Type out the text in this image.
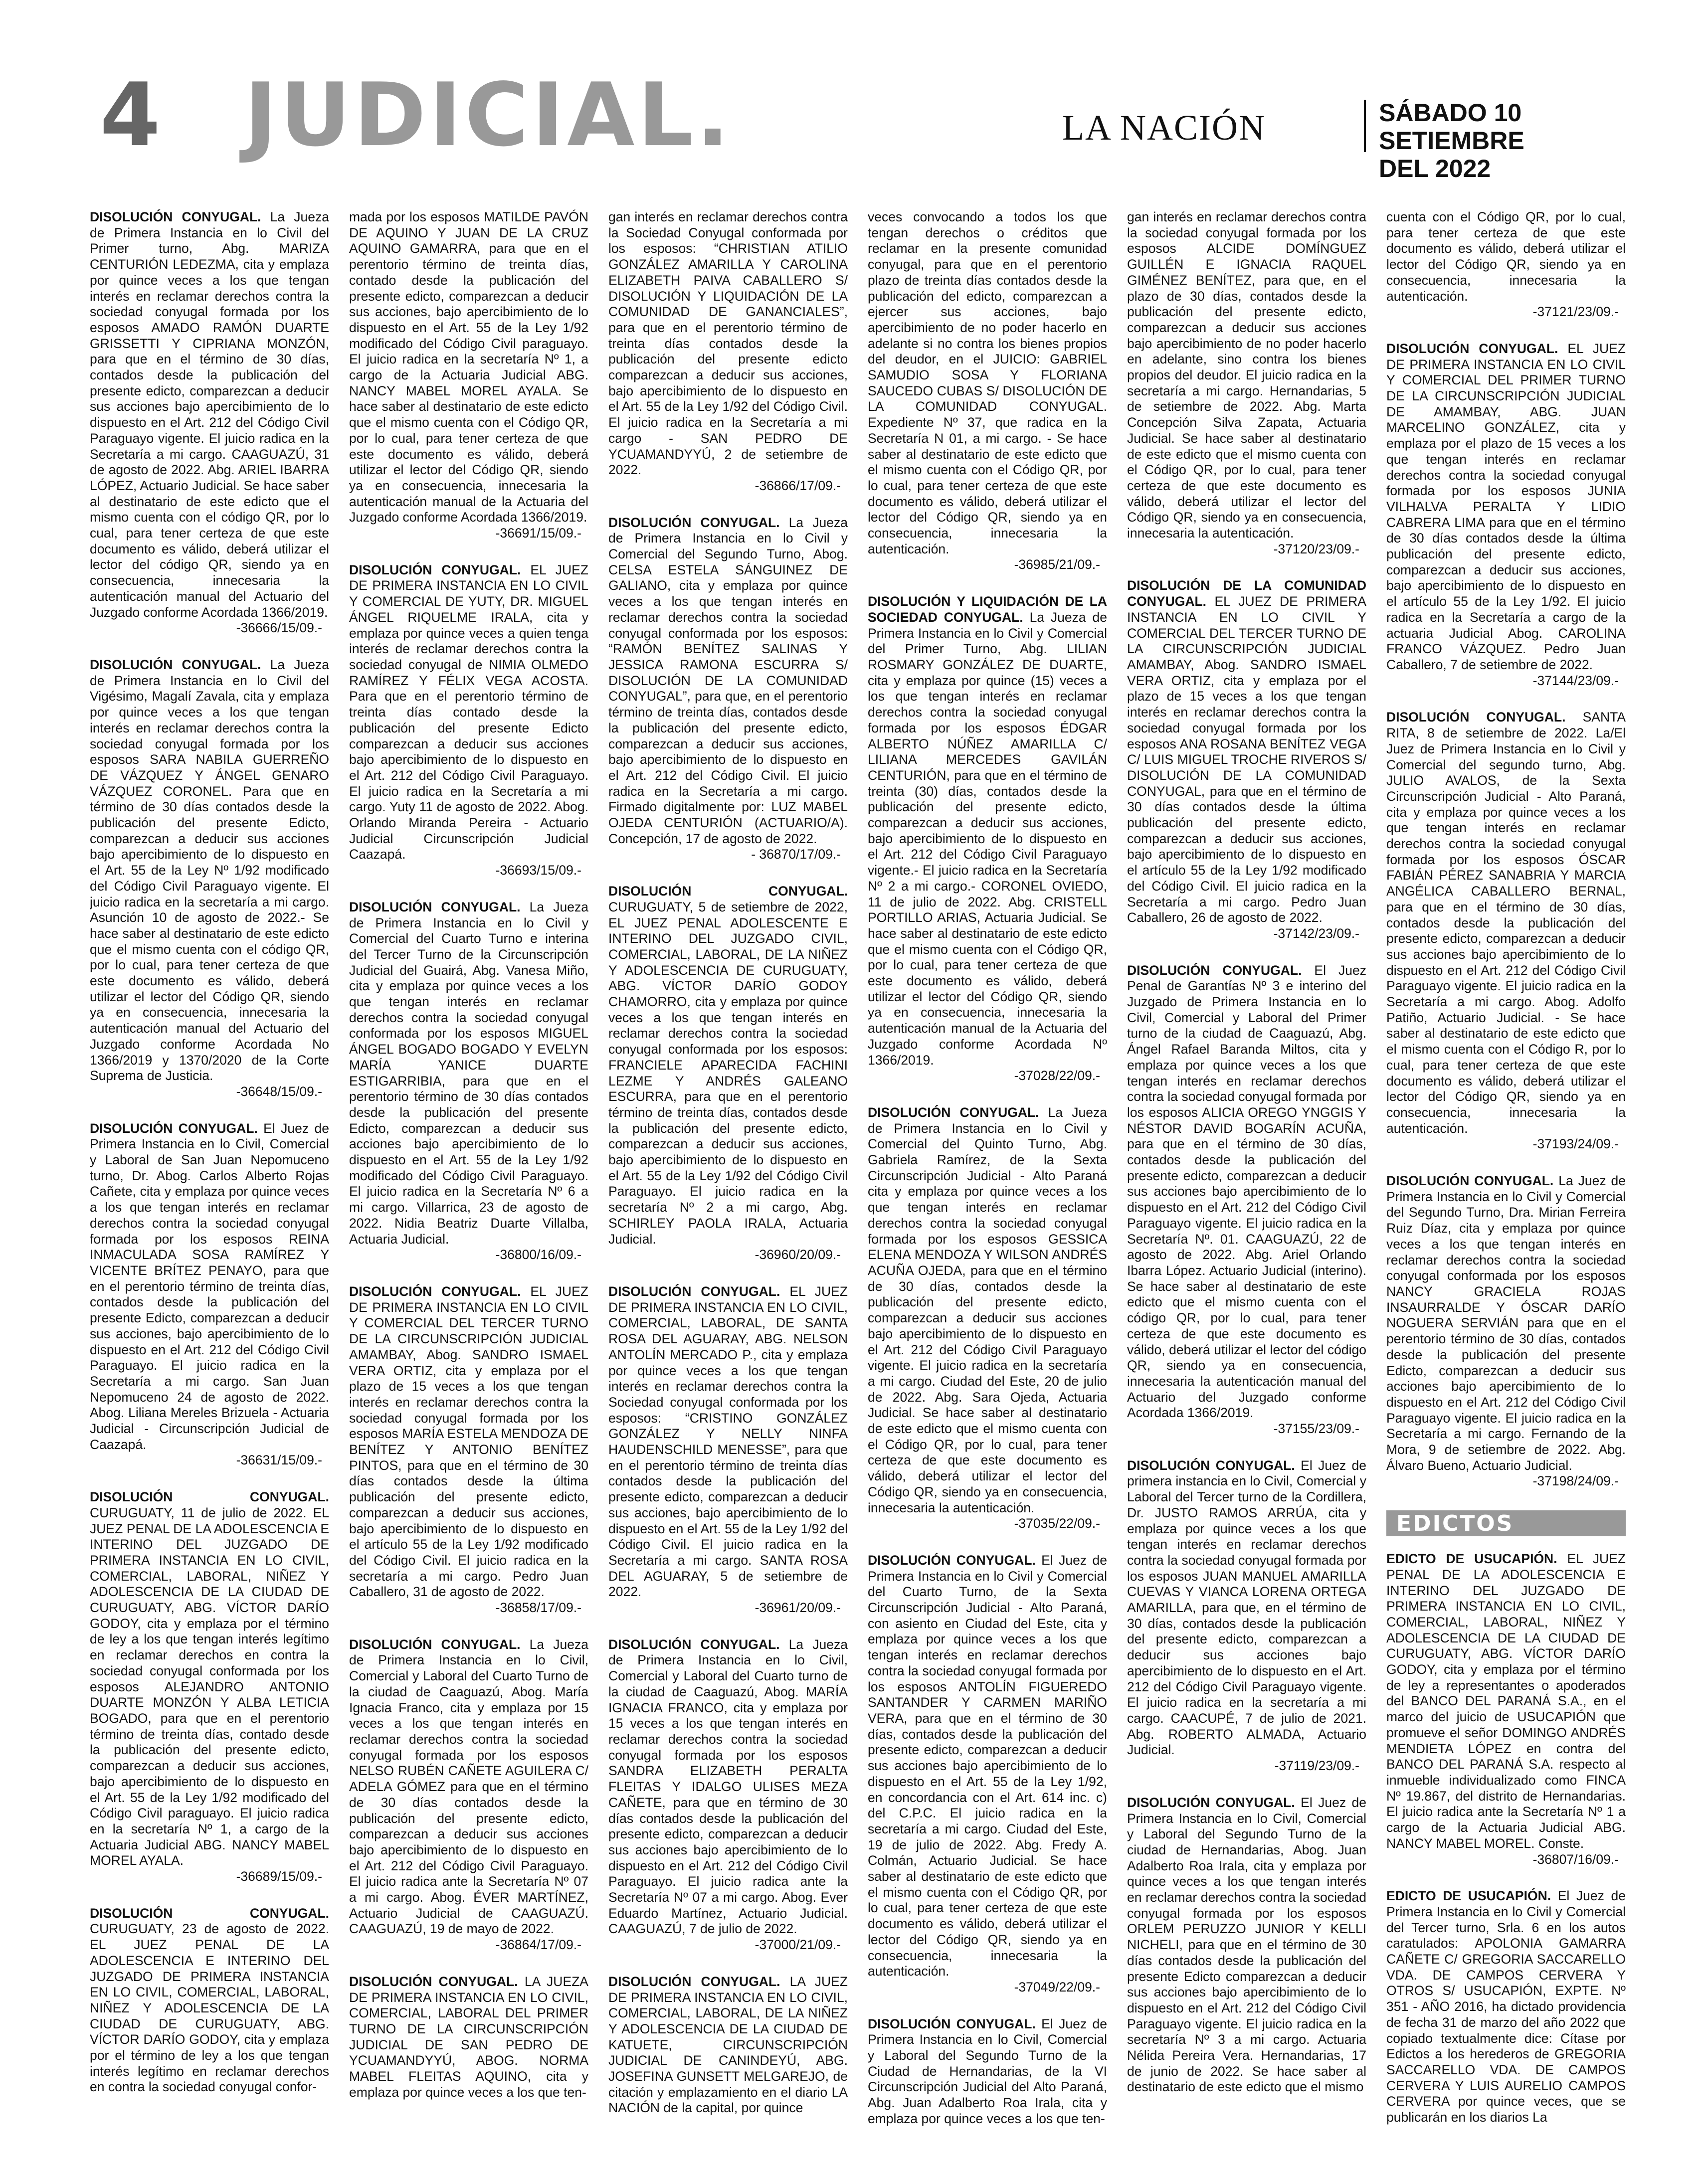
4 JUDICIAL.	LA NACIÓN	SÁBADO 10
SETIEMBRE DEL 2022

DISOLUCIÓN CONYUGAL. La Jueza de Primera Instancia en lo Civil del Primer turno, Abg. MARIZA CENTURIÓN LEDEZMA, cita y emplaza por quince veces a los que tengan interés en reclamar derechos contra la sociedad conyugal formada por los esposos AMADO RAMÓN DUARTE GRISSETTI Y CIPRIANA MONZÓN, para que en el término de 30 días, contados desde la publicación del presente edicto, comparezcan a deducir sus acciones bajo apercibimiento de lo dispuesto en el Art. 212 del Código Civil Paraguayo vigente. El juicio radica en la Secretaría a mi cargo. CAAGUAZÚ, 31 de agosto de 2022. Abg. ARIEL IBARRA LÓPEZ, Actuario Judicial. Se hace saber al destinatario de este edicto que el mismo cuenta con el código QR, por lo cual, para tener certeza de que este documento es válido, deberá utilizar el lector del código QR, siendo ya en consecuencia, innecesaria la autenticación manual del Actuario del Juzgado conforme Acordada 1366/2019.
-36666/15/09.-

DISOLUCIÓN CONYUGAL. La Jueza de Primera Instancia en lo Civil del Vigésimo, Magalí Zavala, cita y emplaza por quince veces a los que tengan interés en reclamar derechos contra la sociedad conyugal formada por los esposos SARA NABILA GUERREÑO DE VÁZQUEZ Y ÁNGEL GENARO VÁZQUEZ CORONEL. Para que en término de 30 días contados desde la publicación del presente Edicto, comparezcan a deducir sus acciones bajo apercibimiento de lo dispuesto en el Art. 55 de la Ley Nº 1/92 modificado del Código Civil Paraguayo vigente. El juicio radica en la secretaría a mi cargo. Asunción 10 de agosto de 2022.- Se hace saber al destinatario de este edicto que el mismo cuenta con el código QR, por lo cual, para tener certeza de que este documento es válido, deberá utilizar el lector del Código QR, siendo ya en consecuencia, innecesaria la autenticación manual del Actuario del Juzgado conforme Acordada No 1366/2019 y 1370/2020 de la Corte Suprema de Justicia.
-36648/15/09.-

DISOLUCIÓN CONYUGAL. El Juez de Primera Instancia en lo Civil, Comercial y Laboral de San Juan Nepomuceno turno, Dr. Abog. Carlos Alberto Rojas Cañete, cita y emplaza por quince veces a los que tengan interés en reclamar derechos contra la sociedad conyugal formada por los esposos REINA INMACULADA SOSA RAMÍREZ Y VICENTE BRÍTEZ PENAYO, para que en el perentorio término de treinta días, contados desde la publicación del presente Edicto, comparezcan a deducir sus acciones, bajo apercibimiento de lo dispuesto en el Art. 212 del Código Civil Paraguayo. El juicio radica en la Secretaría a mi cargo. San Juan Nepomuceno 24 de agosto de 2022. Abog. Liliana Mereles Brizuela - Actuaria Judicial - Circunscripción Judicial de Caazapá.
-36631/15/09.-

DISOLUCIÓN CONYUGAL. CURUGUATY, 11 de julio de 2022. EL JUEZ PENAL DE LA ADOLESCENCIA E INTERINO DEL JUZGADO DE PRIMERA INSTANCIA EN LO CIVIL, COMERCIAL, LABORAL, NIÑEZ Y ADOLESCENCIA DE LA CIUDAD DE CURUGUATY, ABG. VÍCTOR DARÍO GODOY, cita y emplaza por el término de ley a los que tengan interés legítimo en reclamar derechos en contra la sociedad conyugal conformada por los esposos ALEJANDRO ANTONIO DUARTE MONZÓN Y ALBA LETICIA BOGADO, para que en el perentorio término de treinta días, contado desde la publicación del presente edicto, comparezcan a deducir sus acciones, bajo apercibimiento de lo dispuesto en el Art. 55 de la Ley 1/92 modificado del Código Civil paraguayo. El juicio radica en la secretaría Nº 1, a cargo de la Actuaria Judicial ABG. NANCY MABEL MOREL AYALA.
-36689/15/09.-

DISOLUCIÓN CONYUGAL. CURUGUATY, 23 de agosto de 2022. EL JUEZ PENAL DE LA ADOLESCENCIA E INTERINO DEL JUZGADO DE PRIMERA INSTANCIA EN LO CIVIL, COMERCIAL, LABORAL, NIÑEZ Y ADOLESCENCIA DE LA CIUDAD DE CURUGUATY, ABG. VÍCTOR DARÍO GODOY, cita y emplaza por el término de ley a los que tengan interés legítimo en reclamar derechos en contra la sociedad conyugal confor-

mada por los esposos MATILDE PAVÓN DE AQUINO Y JUAN DE LA CRUZ AQUINO GAMARRA, para que en el perentorio término de treinta días, contado desde la publicación del presente edicto, comparezcan a deducir sus acciones, bajo apercibimiento de lo dispuesto en el Art. 55 de la Ley 1/92 modificado del Código Civil paraguayo. El juicio radica en la secretaría Nº 1, a cargo de la Actuaria Judicial ABG. NANCY MABEL MOREL AYALA. Se hace saber al destinatario de este edicto que el mismo cuenta con el Código QR, por lo cual, para tener certeza de que este documento es válido, deberá utilizar el lector del Código QR, siendo ya en consecuencia, innecesaria la autenticación manual de la Actuaria del Juzgado conforme Acordada 1366/2019.
-36691/15/09.-

DISOLUCIÓN CONYUGAL. EL JUEZ DE PRIMERA INSTANCIA EN LO CIVIL Y COMERCIAL DE YUTY, DR. MIGUEL ÁNGEL RIQUELME IRALA, cita y emplaza por quince veces a quien tenga interés de reclamar derechos contra la sociedad conyugal de NIMIA OLMEDO RAMÍREZ Y FÉLIX VEGA ACOSTA. Para que en el perentorio término de treinta días contado desde la publicación del presente Edicto comparezcan a deducir sus acciones bajo apercibimiento de lo dispuesto en el Art. 212 del Código Civil Paraguayo. El juicio radica en la Secretaría a mi cargo. Yuty 11 de agosto de 2022. Abog. Orlando Miranda Pereira - Actuario Judicial Circunscripción Judicial Caazapá.
-36693/15/09.-

DISOLUCIÓN CONYUGAL. La Jueza de Primera Instancia en lo Civil y Comercial del Cuarto Turno e interina del Tercer Turno de la Circunscripción Judicial del Guairá, Abg. Vanesa Miño, cita y emplaza por quince veces a los que tengan interés en reclamar derechos contra la sociedad conyugal conformada por los esposos MIGUEL ÁNGEL BOGADO BOGADO Y EVELYN MARÍA YANICE DUARTE ESTIGARRIBIA, para que en el perentorio término de 30 días contados desde la publicación del presente Edicto, comparezcan a deducir sus acciones bajo apercibimiento de lo dispuesto en el Art. 55 de la Ley 1/92 modificado del Código Civil Paraguayo. El juicio radica en la Secretaría Nº 6 a mi cargo. Villarrica, 23 de agosto de 2022. Nidia Beatriz Duarte Villalba, Actuaria Judicial.
-36800/16/09.-

DISOLUCIÓN CONYUGAL. EL JUEZ DE PRIMERA INSTANCIA EN LO CIVIL Y COMERCIAL DEL TERCER TURNO DE LA CIRCUNSCRIPCIÓN JUDICIAL AMAMBAY, Abog. SANDRO ISMAEL VERA ORTIZ, cita y emplaza por el plazo de 15 veces a los que tengan interés en reclamar derechos contra la sociedad conyugal formada por los esposos MARÍA ESTELA MENDOZA DE BENÍTEZ Y ANTONIO BENÍTEZ PINTOS, para que en el término de 30 días contados desde la última publicación del presente edicto, comparezcan a deducir sus acciones, bajo apercibimiento de lo dispuesto en el artículo 55 de la Ley 1/92 modificado del Código Civil. El juicio radica en la secretaría a mi cargo. Pedro Juan Caballero, 31 de agosto de 2022.
-36858/17/09.-

DISOLUCIÓN CONYUGAL. La Jueza de Primera Instancia en lo Civil, Comercial y Laboral del Cuarto Turno de la ciudad de Caaguazú, Abog. María Ignacia Franco, cita y emplaza por 15 veces a los que tengan interés en reclamar derechos contra la sociedad conyugal formada por los esposos NELSO RUBÉN CAÑETE AGUILERA C/ ADELA GÓMEZ para que en el término de 30 días contados desde la publicación del presente edicto, comparezcan a deducir sus acciones bajo apercibimiento de lo dispuesto en el Art. 212 del Código Civil Paraguayo. El juicio radica ante la Secretaría Nº 07 a mi cargo. Abog. ÉVER MARTÍNEZ, Actuario Judicial de CAAGUAZÚ. CAAGUAZÚ, 19 de mayo de 2022.
-36864/17/09.-

DISOLUCIÓN CONYUGAL. LA JUEZA DE PRIMERA INSTANCIA EN LO CIVIL, COMERCIAL, LABORAL DEL PRIMER TURNO DE LA CIRCUNSCRIPCIÓN JUDICIAL DE SAN PEDRO DE YCUAMANDYYÚ, ABOG. NORMA MABEL FLEITAS AQUINO, cita y emplaza por quince veces a los que ten-

gan interés en reclamar derechos contra la Sociedad Conyugal conformada por los esposos: “CHRISTIAN ATILIO GONZÁLEZ AMARILLA Y CAROLINA ELIZABETH PAIVA CABALLERO S/ DISOLUCIÓN Y LIQUIDACIÓN DE LA COMUNIDAD DE GANANCIALES”, para que en el perentorio término de treinta días contados desde la publicación del presente edicto comparezcan a deducir sus acciones, bajo apercibimiento de lo dispuesto en el Art. 55 de la Ley 1/92 del Código Civil. El juicio radica en la Secretaría a mi cargo - SAN PEDRO DE YCUAMANDYYÚ, 2 de setiembre de 2022.
-36866/17/09.-

DISOLUCIÓN CONYUGAL. La Jueza de Primera Instancia en lo Civil y Comercial del Segundo Turno, Abog. CELSA ESTELA SÁNGUINEZ DE GALIANO, cita y emplaza por quince veces a los que tengan interés en reclamar derechos contra la sociedad conyugal conformada por los esposos: “RAMÓN BENÍTEZ SALINAS Y JESSICA RAMONA ESCURRA S/ DISOLUCIÓN DE LA COMUNIDAD CONYUGAL”, para que, en el perentorio término de treinta días, contados desde la publicación del presente edicto, comparezcan a deducir sus acciones, bajo apercibimiento de lo dispuesto en el Art. 212 del Código Civil. El juicio radica en la Secretaría a mi cargo. Firmado digitalmente por: LUZ MABEL OJEDA CENTURIÓN (ACTUARIO/A). Concepción, 17 de agosto de 2022.
- 36870/17/09.-

DISOLUCIÓN CONYUGAL. CURUGUATY, 5 de setiembre de 2022, EL JUEZ PENAL ADOLESCENTE E INTERINO DEL JUZGADO CIVIL, COMERCIAL, LABORAL, DE LA NIÑEZ Y ADOLESCENCIA DE CURUGUATY, ABG. VÍCTOR DARÍO GODOY CHAMORRO, cita y emplaza por quince veces a los que tengan interés en reclamar derechos contra la sociedad conyugal conformada por los esposos: FRANCIELE APARECIDA FACHINI LEZME Y ANDRÉS GALEANO ESCURRA, para que en el perentorio término de treinta días, contados desde la publicación del presente edicto, comparezcan a deducir sus acciones, bajo apercibimiento de lo dispuesto en el Art. 55 de la Ley 1/92 del Código Civil Paraguayo. El juicio radica en la secretaría Nº 2 a mi cargo, Abg. SCHIRLEY PAOLA IRALA, Actuaria Judicial.
-36960/20/09.-

DISOLUCIÓN CONYUGAL. EL JUEZ DE PRIMERA INSTANCIA EN LO CIVIL, COMERCIAL, LABORAL, DE SANTA ROSA DEL AGUARAY, ABG. NELSON ANTOLÍN MERCADO P., cita y emplaza por quince veces a los que tengan interés en reclamar derechos contra la Sociedad conyugal conformada por los esposos: “CRISTINO GONZÁLEZ GONZÁLEZ Y NELLY NINFA HAUDENSCHILD MENESSE”, para que en el perentorio término de treinta días contados desde la publicación del presente edicto, comparezcan a deducir sus acciones, bajo apercibimiento de lo dispuesto en el Art. 55 de la Ley 1/92 del Código Civil. El juicio radica en la Secretaría a mi cargo. SANTA ROSA DEL AGUARAY, 5 de setiembre de 2022.
-36961/20/09.-

DISOLUCIÓN CONYUGAL. La Jueza de Primera Instancia en lo Civil, Comercial y Laboral del Cuarto turno de la ciudad de Caaguazú, Abog. MARÍA IGNACIA FRANCO, cita y emplaza por 15 veces a los que tengan interés en reclamar derechos contra la sociedad conyugal formada por los esposos SANDRA ELIZABETH PERALTA FLEITAS Y IDALGO ULISES MEZA CAÑETE, para que en término de 30 días contados desde la publicación del presente edicto, comparezcan a deducir sus acciones bajo apercibimiento de lo dispuesto en el Art. 212 del Código Civil Paraguayo. El juicio radica ante la Secretaría Nº 07 a mi cargo. Abog. Ever Eduardo Martínez, Actuario Judicial. CAAGUAZÚ, 7 de julio de 2022.
-37000/21/09.-

DISOLUCIÓN CONYUGAL. LA JUEZ DE PRIMERA INSTANCIA EN LO CIVIL, COMERCIAL, LABORAL, DE LA NIÑEZ Y ADOLESCENCIA DE LA CIUDAD DE KATUETE, CIRCUNSCRIPCIÓN JUDICIAL DE CANINDEYÚ, ABG. JOSEFINA GUNSETT MELGAREJO, de citación y emplazamiento en el diario LA NACIÓN de la capital, por quince

veces convocando a todos los que tengan derechos o créditos que reclamar en la presente comunidad conyugal, para que en el perentorio plazo de treinta días contados desde la publicación del edicto, comparezcan a ejercer sus acciones, bajo apercibimiento de no poder hacerlo en adelante si no contra los bienes propios del deudor, en el JUICIO: GABRIEL SAMUDIO SOSA Y FLORIANA SAUCEDO CUBAS S/ DISOLUCIÓN DE LA COMUNIDAD CONYUGAL. Expediente Nº 37, que radica en la Secretaría N 01, a mi cargo. - Se hace saber al destinatario de este edicto que el mismo cuenta con el Código QR, por lo cual, para tener certeza de que este documento es válido, deberá utilizar el lector del Código QR, siendo ya en consecuencia, innecesaria la autenticación.
-36985/21/09.-

DISOLUCIÓN Y LIQUIDACIÓN DE LA SOCIEDAD CONYUGAL. La Jueza de Primera Instancia en lo Civil y Comercial del Primer Turno, Abg. LILIAN ROSMARY GONZÁLEZ DE DUARTE, cita y emplaza por quince (15) veces a los que tengan interés en reclamar derechos contra la sociedad conyugal formada por los esposos ÉDGAR ALBERTO NÚÑEZ AMARILLA C/ LILIANA MERCEDES GAVILÁN CENTURIÓN, para que en el término de treinta (30) días, contados desde la publicación del presente edicto, comparezcan a deducir sus acciones, bajo apercibimiento de lo dispuesto en el Art. 212 del Código Civil Paraguayo vigente.- El juicio radica en la Secretaría Nº 2 a mi cargo.- CORONEL OVIEDO, 11 de julio de 2022. Abg. CRISTELL PORTILLO ARIAS, Actuaria Judicial. Se hace saber al destinatario de este edicto que el mismo cuenta con el Código QR, por lo cual, para tener certeza de que este documento es válido, deberá utilizar el lector del Código QR, siendo ya en consecuencia, innecesaria la autenticación manual de la Actuaria del Juzgado conforme Acordada Nº 1366/2019.
-37028/22/09.-

DISOLUCIÓN CONYUGAL. La Jueza de Primera Instancia en lo Civil y Comercial del Quinto Turno, Abg. Gabriela Ramírez, de la Sexta Circunscripción Judicial - Alto Paraná cita y emplaza por quince veces a los que tengan interés en reclamar derechos contra la sociedad conyugal formada por los esposos GESSICA ELENA MENDOZA Y WILSON ANDRÉS ACUÑA OJEDA, para que en el término de 30 días, contados desde la publicación del presente edicto, comparezcan a deducir sus acciones bajo apercibimiento de lo dispuesto en el Art. 212 del Código Civil Paraguayo vigente. El juicio radica en la secretaría a mi cargo. Ciudad del Este, 20 de julio de 2022. Abg. Sara Ojeda, Actuaria Judicial. Se hace saber al destinatario de este edicto que el mismo cuenta con el Código QR, por lo cual, para tener certeza de que este documento es válido, deberá utilizar el lector del Código QR, siendo ya en consecuencia, innecesaria la autenticación.
-37035/22/09.-

DISOLUCIÓN CONYUGAL. El Juez de Primera Instancia en lo Civil y Comercial del Cuarto Turno, de la Sexta Circunscripción Judicial - Alto Paraná, con asiento en Ciudad del Este, cita y emplaza por quince veces a los que tengan interés en reclamar derechos contra la sociedad conyugal formada por los esposos ANTOLÍN FIGUEREDO SANTANDER Y CARMEN MARIÑO VERA, para que en el término de 30 días, contados desde la publicación del presente edicto, comparezcan a deducir sus acciones bajo apercibimiento de lo dispuesto en el Art. 55 de la Ley 1/92, en concordancia con el Art. 614 inc. c) del C.P.C. El juicio radica en la secretaría a mi cargo. Ciudad del Este, 19 de julio de 2022. Abg. Fredy A. Colmán, Actuario Judicial. Se hace saber al destinatario de este edicto que el mismo cuenta con el Código QR, por lo cual, para tener certeza de que este documento es válido, deberá utilizar el lector del Código QR, siendo ya en consecuencia, innecesaria la autenticación.
-37049/22/09.-

DISOLUCIÓN CONYUGAL. El Juez de Primera Instancia en lo Civil, Comercial y Laboral del Segundo Turno de la Ciudad de Hernandarias, de la VI Circunscripción Judicial del Alto Paraná, Abg. Juan Adalberto Roa Irala, cita y emplaza por quince veces a los que ten-

gan interés en reclamar derechos contra la sociedad conyugal formada por los esposos ALCIDE DOMÍNGUEZ GUILLÉN E IGNACIA RAQUEL GIMÉNEZ BENÍTEZ, para que, en el plazo de 30 días, contados desde la publicación del presente edicto, comparezcan a deducir sus acciones bajo apercibimiento de no poder hacerlo en adelante, sino contra los bienes propios del deudor. El juicio radica en la secretaría a mi cargo. Hernandarias, 5 de setiembre de 2022. Abg. Marta Concepción Silva Zapata, Actuaria Judicial. Se hace saber al destinatario de este edicto que el mismo cuenta con el Código QR, por lo cual, para tener certeza de que este documento es válido, deberá utilizar el lector del Código QR, siendo ya en consecuencia, innecesaria la autenticación.
-37120/23/09.-

DISOLUCIÓN DE LA COMUNIDAD CONYUGAL. EL JUEZ DE PRIMERA INSTANCIA EN LO CIVIL Y COMERCIAL DEL TERCER TURNO DE LA CIRCUNSCRIPCIÓN JUDICIAL AMAMBAY, Abog. SANDRO ISMAEL VERA ORTIZ, cita y emplaza por el plazo de 15 veces a los que tengan interés en reclamar derechos contra la sociedad conyugal formada por los esposos ANA ROSANA BENÍTEZ VEGA C/ LUIS MIGUEL TROCHE RIVEROS S/ DISOLUCIÓN DE LA COMUNIDAD CONYUGAL, para que en el término de 30 días contados desde la última publicación del presente edicto, comparezcan a deducir sus acciones, bajo apercibimiento de lo dispuesto en el artículo 55 de la Ley 1/92 modificado del Código Civil. El juicio radica en la Secretaría a mi cargo. Pedro Juan Caballero, 26 de agosto de 2022.
-37142/23/09.-

DISOLUCIÓN CONYUGAL. El Juez Penal de Garantías Nº 3 e interino del Juzgado de Primera Instancia en lo Civil, Comercial y Laboral del Primer turno de la ciudad de Caaguazú, Abg. Ángel Rafael Baranda Miltos, cita y emplaza por quince veces a los que tengan interés en reclamar derechos contra la sociedad conyugal formada por los esposos ALICIA OREGO YNGGIS Y NÉSTOR DAVID BOGARÍN ACUÑA, para que en el término de 30 días, contados desde la publicación del presente edicto, comparezcan a deducir sus acciones bajo apercibimiento de lo dispuesto en el Art. 212 del Código Civil Paraguayo vigente. El juicio radica en la Secretaría Nº. 01. CAAGUAZÚ, 22 de agosto de 2022. Abg. Ariel Orlando Ibarra López. Actuario Judicial (interino). Se hace saber al destinatario de este edicto que el mismo cuenta con el código QR, por lo cual, para tener certeza de que este documento es válido, deberá utilizar el lector del código QR, siendo ya en consecuencia, innecesaria la autenticación manual del Actuario del Juzgado conforme Acordada 1366/2019.
-37155/23/09.-

DISOLUCIÓN CONYUGAL. El Juez de primera instancia en lo Civil, Comercial y Laboral del Tercer turno de la Cordillera, Dr. JUSTO RAMOS ARRÚA, cita y emplaza por quince veces a los que tengan interés en reclamar derechos contra la sociedad conyugal formada por los esposos JUAN MANUEL AMARILLA CUEVAS Y VIANCA LORENA ORTEGA AMARILLA, para que, en el término de 30 días, contados desde la publicación del presente edicto, comparezcan a deducir sus acciones bajo apercibimiento de lo dispuesto en el Art. 212 del Código Civil Paraguayo vigente. El juicio radica en la secretaría a mi cargo. CAACUPÉ, 7 de julio de 2021. Abg. ROBERTO ALMADA, Actuario Judicial.
-37119/23/09.-

DISOLUCIÓN CONYUGAL. El Juez de Primera Instancia en lo Civil, Comercial y Laboral del Segundo Turno de la ciudad de Hernandarias, Abog. Juan Adalberto Roa Irala, cita y emplaza por quince veces a los que tengan interés en reclamar derechos contra la sociedad conyugal formada por los esposos ORLEM PERUZZO JUNIOR Y KELLI NICHELI, para que en el término de 30 días contados desde la publicación del presente Edicto comparezcan a deducir sus acciones bajo apercibimiento de lo dispuesto en el Art. 212 del Código Civil Paraguayo vigente. El juicio radica en la secretaría Nº 3 a mi cargo. Actuaria Nélida Pereira Vera. Hernandarias, 17 de junio de 2022. Se hace saber al destinatario de este edicto que el mismo

cuenta con el Código QR, por lo cual, para tener certeza de que este documento es válido, deberá utilizar el lector del Código QR, siendo ya en consecuencia, innecesaria la autenticación.
-37121/23/09.-

DISOLUCIÓN CONYUGAL. EL JUEZ DE PRIMERA INSTANCIA EN LO CIVIL Y COMERCIAL DEL PRIMER TURNO DE LA CIRCUNSCRIPCIÓN JUDICIAL DE AMAMBAY, ABG. JUAN MARCELINO GONZÁLEZ, cita y emplaza por el plazo de 15 veces a los que tengan interés en reclamar derechos contra la sociedad conyugal formada por los esposos JUNIA VILHALVA PERALTA Y LIDIO CABRERA LIMA para que en el término de 30 días contados desde la última publicación del presente edicto, comparezcan a deducir sus acciones, bajo apercibimiento de lo dispuesto en el artículo 55 de la Ley 1/92. El juicio radica en la Secretaría a cargo de la actuaria Judicial Abog. CAROLINA FRANCO VÁZQUEZ. Pedro Juan Caballero, 7 de setiembre de 2022.
-37144/23/09.-

DISOLUCIÓN CONYUGAL. SANTA RITA, 8 de setiembre de 2022. La/El Juez de Primera Instancia en lo Civil y Comercial del segundo turno, Abg. JULIO AVALOS, de la Sexta Circunscripción Judicial - Alto Paraná, cita y emplaza por quince veces a los que tengan interés en reclamar derechos contra la sociedad conyugal formada por los esposos ÓSCAR FABIÁN PÉREZ SANABRIA Y MARCIA ANGÉLICA CABALLERO BERNAL, para que en el término de 30 días, contados desde la publicación del presente edicto, comparezcan a deducir sus acciones bajo apercibimiento de lo dispuesto en el Art. 212 del Código Civil Paraguayo vigente. El juicio radica en la Secretaría a mi cargo. Abog. Adolfo Patiño, Actuario Judicial. - Se hace saber al destinatario de este edicto que el mismo cuenta con el Código R, por lo cual, para tener certeza de que este documento es válido, deberá utilizar el lector del Código QR, siendo ya en consecuencia, innecesaria la autenticación.
-37193/24/09.-

DISOLUCIÓN CONYUGAL. La Juez de Primera Instancia en lo Civil y Comercial del Segundo Turno, Dra. Mirian Ferreira Ruiz Díaz, cita y emplaza por quince veces a los que tengan interés en reclamar derechos contra la sociedad conyugal conformada por los esposos NANCY GRACIELA ROJAS INSAURRALDE Y ÓSCAR DARÍO NOGUERA SERVIÁN para que en el perentorio término de 30 días, contados desde la publicación del presente Edicto, comparezcan a deducir sus acciones bajo apercibimiento de lo dispuesto en el Art. 212 del Código Civil Paraguayo vigente. El juicio radica en la Secretaría a mi cargo. Fernando de la Mora, 9 de setiembre de 2022. Abg. Álvaro Bueno, Actuario Judicial.
-37198/24/09.-

EDICTOS

EDICTO DE USUCAPIÓN. EL JUEZ PENAL DE LA ADOLESCENCIA E INTERINO DEL JUZGADO DE PRIMERA INSTANCIA EN LO CIVIL, COMERCIAL, LABORAL, NIÑEZ Y ADOLESCENCIA DE LA CIUDAD DE CURUGUATY, ABG. VÍCTOR DARÍO GODOY, cita y emplaza por el término de ley a representantes o apoderados del BANCO DEL PARANÁ S.A., en el marco del juicio de USUCAPIÓN que promueve el señor DOMINGO ANDRÉS MENDIETA LÓPEZ en contra del BANCO DEL PARANÁ S.A. respecto al inmueble individualizado como FINCA Nº 19.867, del distrito de Hernandarias. El juicio radica ante la Secretaría Nº 1 a cargo de la Actuaria Judicial ABG. NANCY MABEL MOREL. Conste.
-36807/16/09.-

EDICTO DE USUCAPIÓN. El Juez de Primera Instancia en lo Civil y Comercial del Tercer turno, Srla. 6 en los autos caratulados: APOLONIA GAMARRA CAÑETE C/ GREGORIA SACCARELLO VDA. DE CAMPOS CERVERA Y OTROS S/ USUCAPIÓN, EXPTE. Nº 351 - AÑO 2016, ha dictado providencia de fecha 31 de marzo del año 2022 que copiado textualmente dice: Cítase por Edictos a los herederos de GREGORIA SACCARELLO VDA. DE CAMPOS CERVERA Y LUIS AURELIO CAMPOS CERVERA por quince veces, que se publicarán en los diarios La
